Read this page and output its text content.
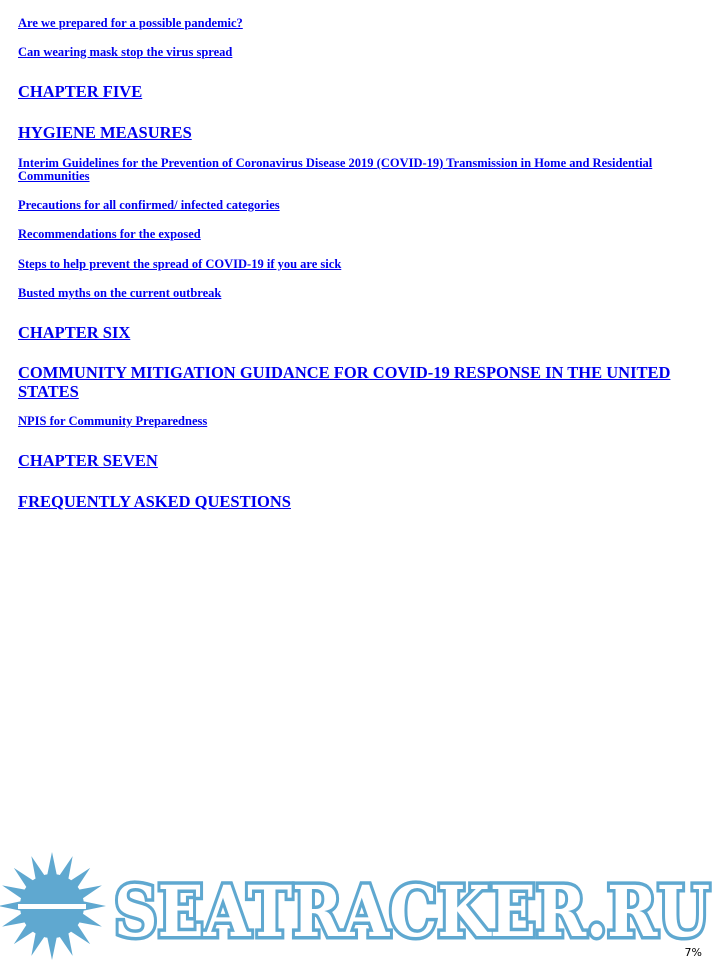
Are we prepared for a possible pandemic?
Can wearing mask stop the virus spread
CHAPTER FIVE
HYGIENE MEASURES
Interim Guidelines for the Prevention of Coronavirus Disease 2019 (COVID-19) Transmission in Home and Residential Communities
Precautions for all confirmed/ infected categories
Recommendations for the exposed
Steps to help prevent the spread of COVID-19 if you are sick
Busted myths on the current outbreak
CHAPTER SIX
COMMUNITY MITIGATION GUIDANCE FOR COVID-19 RESPONSE IN THE UNITED STATES
NPIS for Community Preparedness
CHAPTER SEVEN
FREQUENTLY ASKED QUESTIONS
SEATRACKER.RU
7%
